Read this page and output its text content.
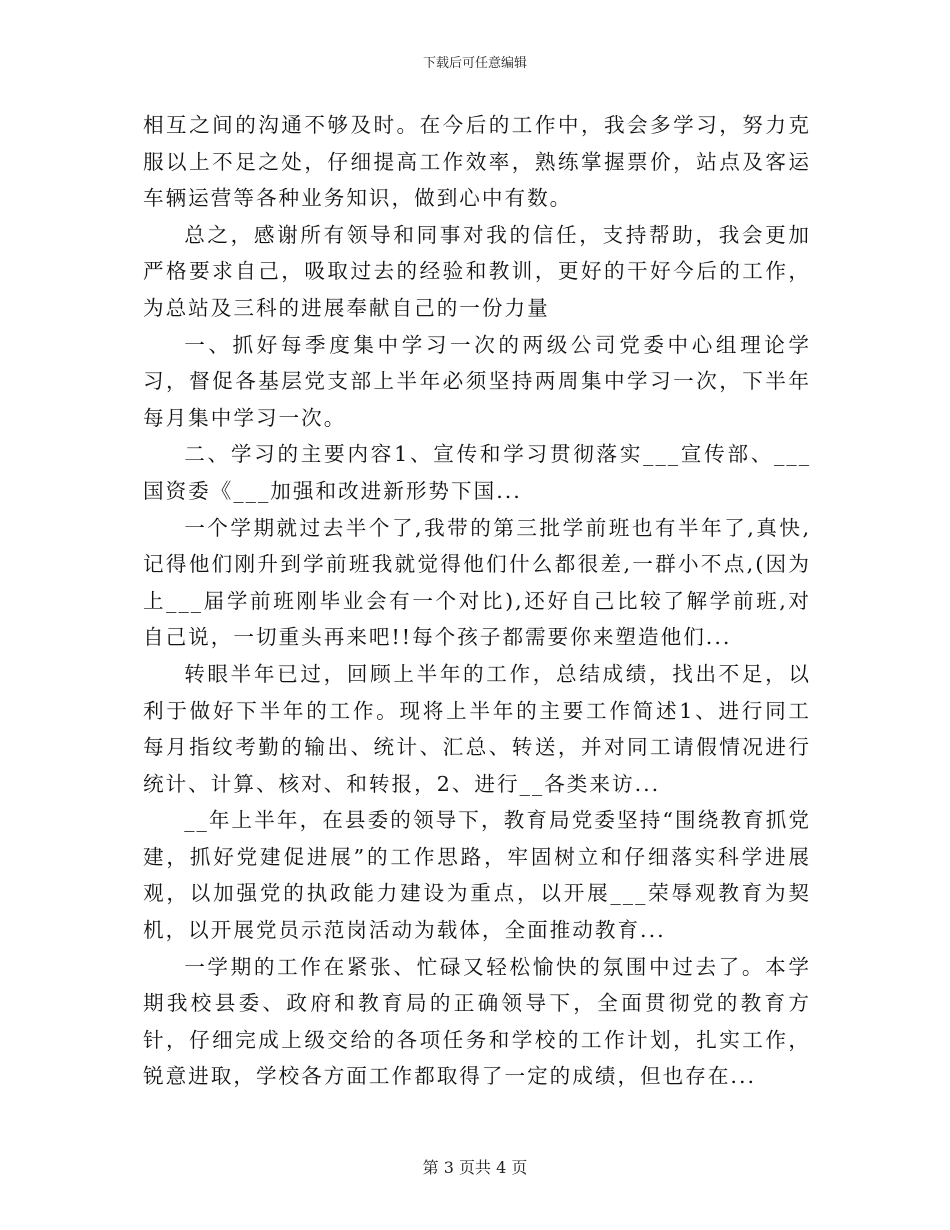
下载后可任意编辑

相互之间的沟通不够及时。在今后的工作中，我会多学习，努力克服以上不足之处，仔细提高工作效率，熟练掌握票价，站点及客运车辆运营等各种业务知识，做到心中有数。

总之，感谢所有领导和同事对我的信任，支持帮助，我会更加严格要求自己，吸取过去的经验和教训，更好的干好今后的工作，为总站及三科的进展奉献自己的一份力量

一、抓好每季度集中学习一次的两级公司党委中心组理论学习，督促各基层党支部上半年必须坚持两周集中学习一次，下半年每月集中学习一次。

二、学习的主要内容1、宣传和学习贯彻落实___宣传部、___国资委《___加强和改进新形势下国...

一个学期就过去半个了,我带的第三批学前班也有半年了,真快,记得他们刚升到学前班我就觉得他们什么都很差,一群小不点,(因为上___届学前班刚毕业会有一个对比),还好自己比较了解学前班,对自己说，一切重头再来吧!!每个孩子都需要你来塑造他们...

转眼半年已过，回顾上半年的工作，总结成绩，找出不足，以利于做好下半年的工作。现将上半年的主要工作简述1、进行同工每月指纹考勤的输出、统计、汇总、转送，并对同工请假情况进行统计、计算、核对、和转报，2、进行__各类来访...

__年上半年，在县委的领导下，教育局党委坚持“围绕教育抓党建，抓好党建促进展”的工作思路，牢固树立和仔细落实科学进展观，以加强党的执政能力建设为重点，以开展___荣辱观教育为契机，以开展党员示范岗活动为载体，全面推动教育...

一学期的工作在紧张、忙碌又轻松愉快的氛围中过去了。本学期我校县委、政府和教育局的正确领导下，全面贯彻党的教育方针，仔细完成上级交给的各项任务和学校的工作计划，扎实工作，锐意进取，学校各方面工作都取得了一定的成绩，但也存在...

第 3 页共 4 页
